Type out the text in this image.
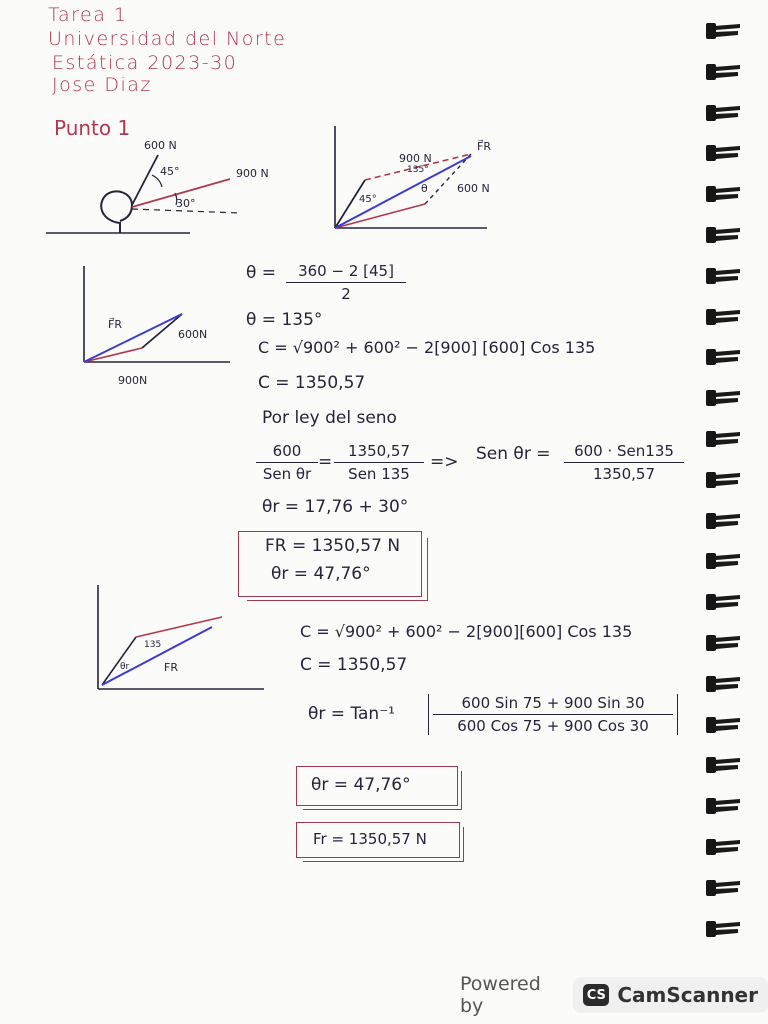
Tarea 1
Universidad del Norte
Estática 2023-30
Jose Diaz
Punto 1
600 N
900 N
45°
30°
900 N
600 N
F⃗R
45°
135°
θ
F⃗R
600N
900N
135
θr	FR
θ =	360 − 2 [45]
2
θ = 135°
C = √900² + 600² − 2[900] [600] Cos 135
C = 1350,57
Por ley del seno
600
Sen θr
=
1350,57
Sen 135
=> Sen θr =	600 · Sen135
1350,57
θr = 17,76 + 30°
FR = 1350,57 N
θr = 47,76°
C = √900² + 600² − 2[900][600] Cos 135
C = 1350,57
θr = Tan⁻¹
600 Sin 75 + 900 Sin 30
600 Cos 75 + 900 Cos 30
θr = 47,76°
Fr = 1350,57 N
Powered by	CS CamScanner
